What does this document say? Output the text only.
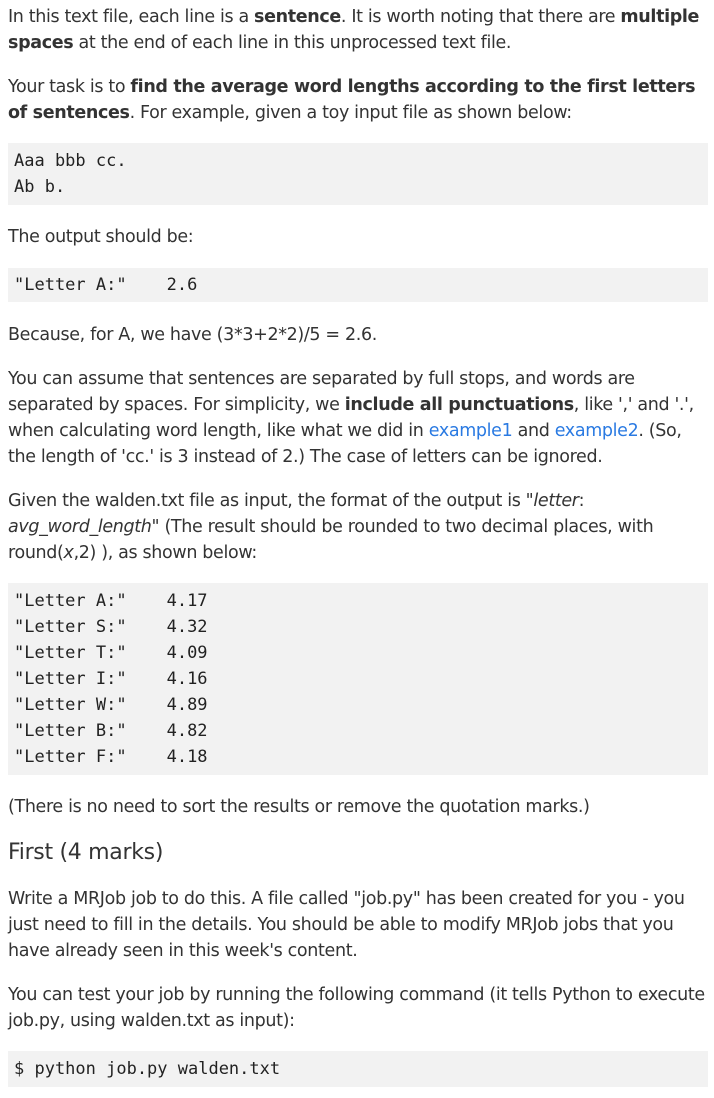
In this text file, each line is a sentence. It is worth noting that there are multiple spaces at the end of each line in this unprocessed text file.

Your task is to find the average word lengths according to the first letters of sentences. For example, given a toy input file as shown below:

Aaa bbb cc.
Ab b.

The output should be:

"Letter A:" 2.6

Because, for A, we have (3*3+2*2)/5 = 2.6.

You can assume that sentences are separated by full stops, and words are separated by spaces. For simplicity, we include all punctuations, like ',' and '.', when calculating word length, like what we did in example1 and example2. (So, the length of 'cc.' is 3 instead of 2.) The case of letters can be ignored.

Given the walden.txt file as input, the format of the output is "letter: avg_word_length" (The result should be rounded to two decimal places, with round(x,2) ), as shown below:

"Letter A:" 4.17
"Letter S:" 4.32
"Letter T:" 4.09
"Letter I:" 4.16
"Letter W:" 4.89
"Letter B:" 4.82
"Letter F:" 4.18

(There is no need to sort the results or remove the quotation marks.)

First (4 marks)

Write a MRJob job to do this. A file called "job.py" has been created for you - you just need to fill in the details. You should be able to modify MRJob jobs that you have already seen in this week's content.

You can test your job by running the following command (it tells Python to execute job.py, using walden.txt as input):

$ python job.py walden.txt
